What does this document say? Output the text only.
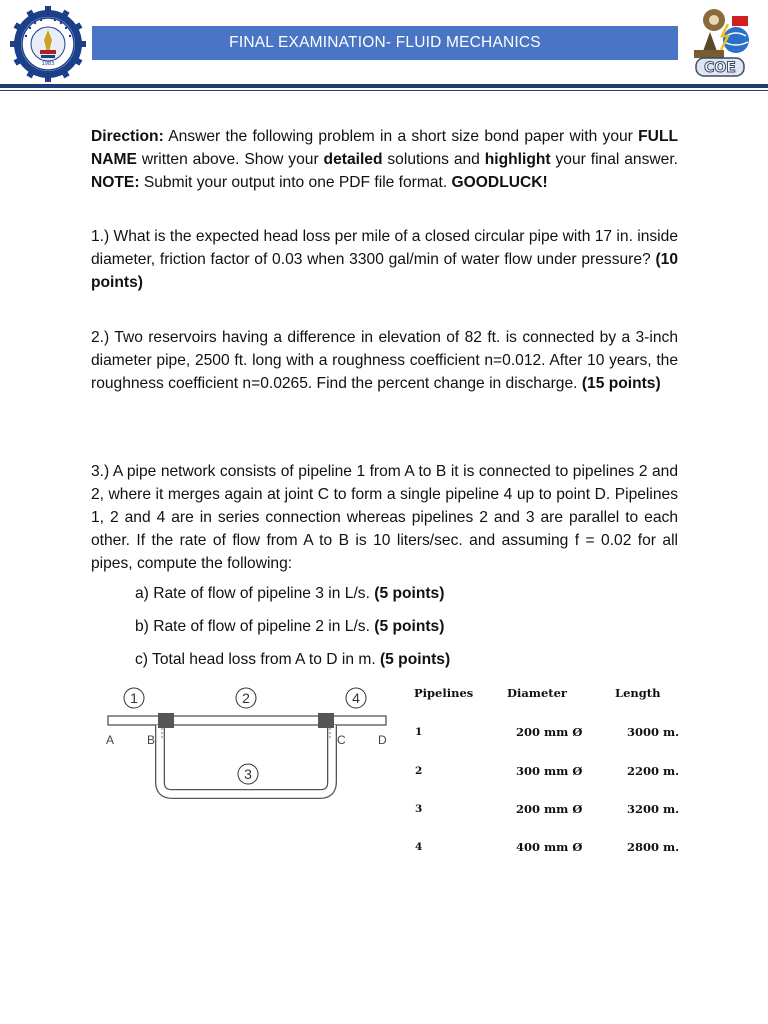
1983
FINAL EXAMINATION- FLUID MECHANICS
COE
Direction: Answer the following problem in a short size bond paper with your FULL NAME written above. Show your detailed solutions and highlight your final answer. NOTE: Submit your output into one PDF file format. GOODLUCK!
1.) What is the expected head loss per mile of a closed circular pipe with 17 in. inside diameter, friction factor of 0.03 when 3300 gal/min of water flow under pressure? (10 points)
2.) Two reservoirs having a difference in elevation of 82 ft. is connected by a 3-inch diameter pipe, 2500 ft. long with a roughness coefficient n=0.012. After 10 years, the roughness coefficient n=0.0265. Find the percent change in discharge. (15 points)
3.) A pipe network consists of pipeline 1 from A to B it is connected to pipelines 2 and 2, where it merges again at joint C to form a single pipeline 4 up to point D. Pipelines 1, 2 and 4 are in series connection whereas pipelines 2 and 3 are parallel to each other. If the rate of flow from A to B is 10 liters/sec. and assuming f = 0.02 for all pipes, compute the following:
a) Rate of flow of pipeline 3 in L/s. (5 points)
b) Rate of flow of pipeline 2 in L/s. (5 points)
c) Total head loss from A to D in m. (5 points)
1	2
3
4
A	B	C	D
Pipelines	Diameter	Length
1	200 mm Ø	3000 m.
2	300 mm Ø	2200 m.
3	200 mm Ø	3200 m.
4	400 mm Ø	2800 m.
